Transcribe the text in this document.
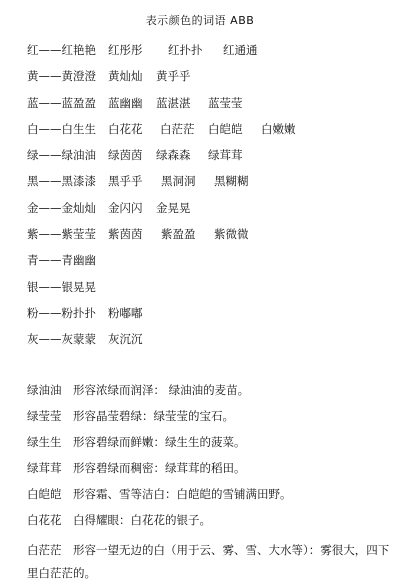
表示颜色的词语 ABB
红——红艳艳 红彤彤 红扑扑 红通通
黄——黄澄澄 黄灿灿 黄乎乎
蓝——蓝盈盈 蓝幽幽 蓝湛湛 蓝莹莹
白——白生生 白花花 白茫茫 白皑皑 白嫩嫩
绿——绿油油 绿茵茵 绿森森 绿茸茸
黑——黑漆漆 黑乎乎 黑洞洞 黑糊糊
金——金灿灿 金闪闪 金晃晃
紫——紫莹莹 紫茵茵 紫盈盈 紫微微
青——青幽幽
银——银晃晃
粉——粉扑扑 粉嘟嘟
灰——灰蒙蒙 灰沉沉
绿油油 形容浓绿而润泽： 绿油油的麦苗。
绿莹莹 形容晶莹碧绿：绿莹莹的宝石。
绿生生 形容碧绿而鲜嫩：绿生生的菠菜。
绿茸茸 形容碧绿而稠密：绿茸茸的稻田。
白皑皑 形容霜、雪等洁白：白皑皑的雪铺满田野。
白花花 白得耀眼：白花花的银子。
白茫茫 形容一望无边的白（用于云、雾、雪、大水等）：雾很大，四下里白茫茫的。
